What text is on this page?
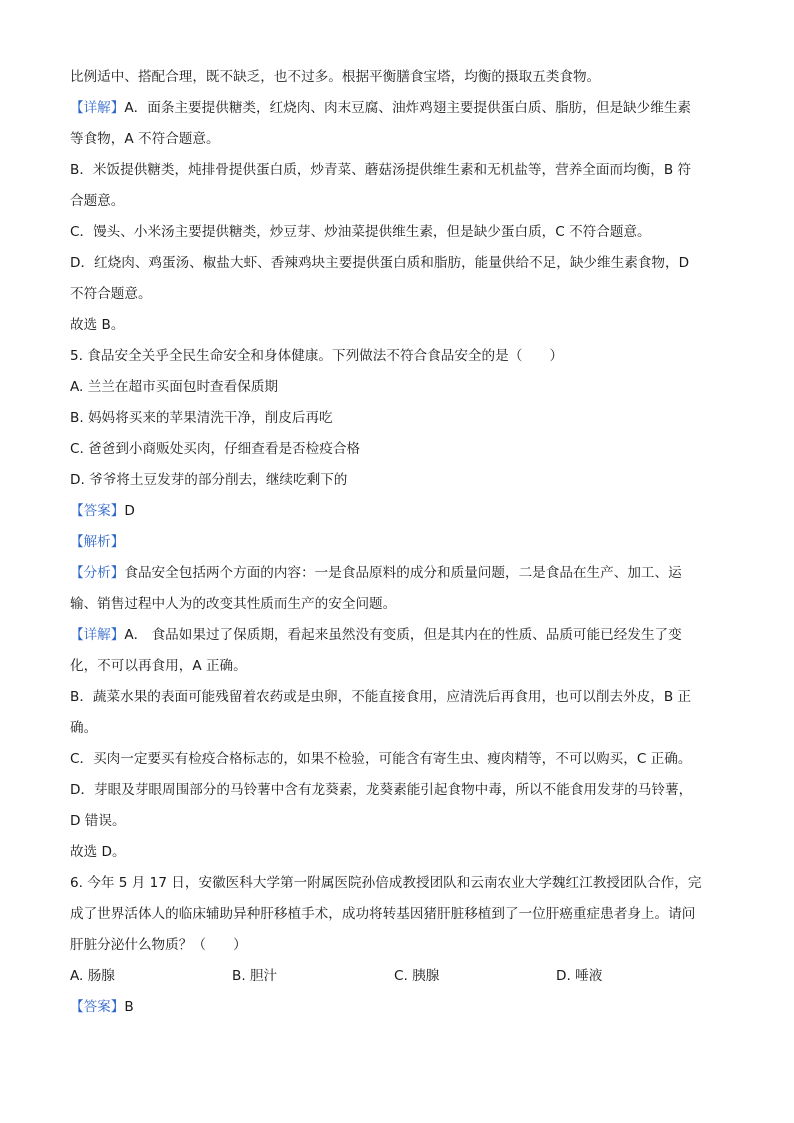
比例适中、搭配合理，既不缺乏，也不过多。根据平衡膳食宝塔，均衡的摄取五类食物。
【详解】A．面条主要提供糖类，红烧肉、肉末豆腐、油炸鸡翅主要提供蛋白质、脂肪，但是缺少维生素
等食物，A 不符合题意。
B．米饭提供糖类，炖排骨提供蛋白质，炒青菜、蘑菇汤提供维生素和无机盐等，营养全面而均衡，B 符
合题意。
C．馒头、小米汤主要提供糖类，炒豆芽、炒油菜提供维生素，但是缺少蛋白质，C 不符合题意。
D．红烧肉、鸡蛋汤、椒盐大虾、香辣鸡块主要提供蛋白质和脂肪，能量供给不足，缺少维生素食物，D
不符合题意。
故选 B。
5. 食品安全关乎全民生命安全和身体健康。下列做法不符合食品安全的是（　　）
A. 兰兰在超市买面包时查看保质期
B. 妈妈将买来的苹果清洗干净，削皮后再吃
C. 爸爸到小商贩处买肉，仔细查看是否检疫合格
D. 爷爷将土豆发芽的部分削去，继续吃剩下的
【答案】D
【解析】
【分析】食品安全包括两个方面的内容：一是食品原料的成分和质量问题，二是食品在生产、加工、运
输、销售过程中人为的改变其性质而生产的安全问题。
【详解】A． 食品如果过了保质期，看起来虽然没有变质，但是其内在的性质、品质可能已经发生了变
化，不可以再食用，A 正确。
B．蔬菜水果的表面可能残留着农药或是虫卵，不能直接食用，应清洗后再食用，也可以削去外皮，B 正
确。
C．买肉一定要买有检疫合格标志的，如果不检验，可能含有寄生虫、瘦肉精等，不可以购买，C 正确。
D．芽眼及芽眼周围部分的马铃薯中含有龙葵素，龙葵素能引起食物中毒，所以不能食用发芽的马铃薯，
D 错误。
故选 D。
6. 今年 5 月 17 日，安徽医科大学第一附属医院孙倍成教授团队和云南农业大学魏红江教授团队合作，完
成了世界活体人的临床辅助异种肝移植手术，成功将转基因猪肝脏移植到了一位肝癌重症患者身上。请问
肝脏分泌什么物质？（　　）
A. 肠腺	B. 胆汁	C. 胰腺	D. 唾液
【答案】B
